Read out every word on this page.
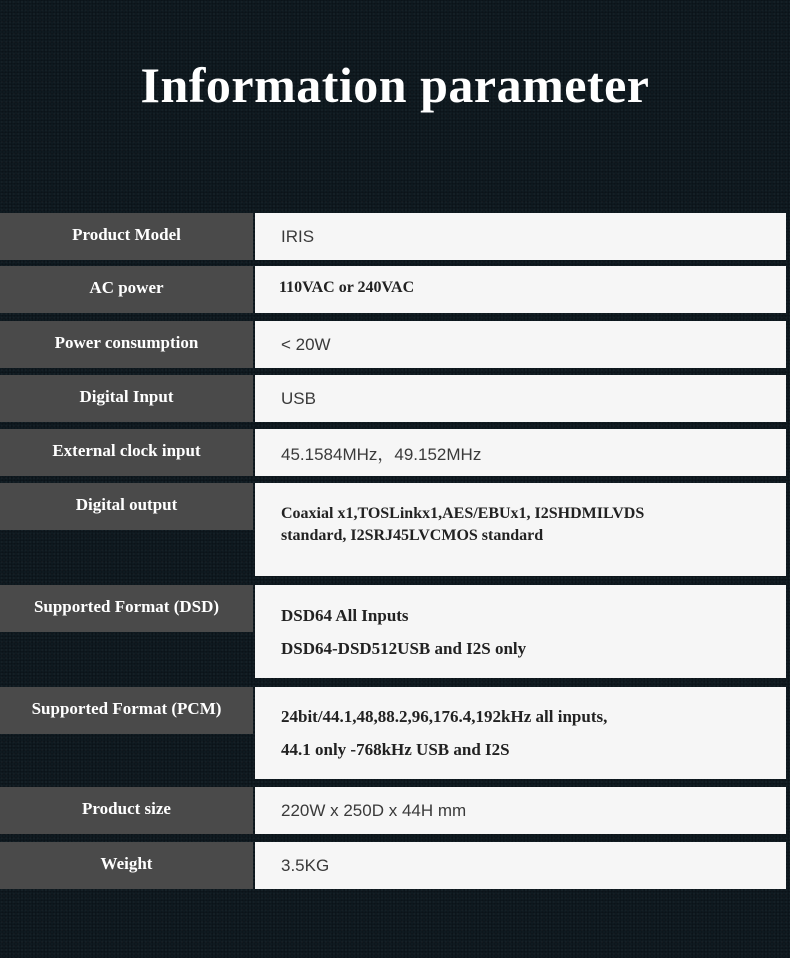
Information parameter
Product Model	IRIS
AC power	110VAC or 240VAC
Power consumption	< 20W
Digital Input	USB
External clock input	45.1584MHz，49.152MHz
Digital output	Coaxial x1,TOSLinkx1,AES/EBUx1, I2SHDMILVDS
standard, I2SRJ45LVCMOS standard
Supported Format (DSD)	DSD64 All Inputs
DSD64-DSD512USB and I2S only
Supported Format (PCM)	24bit/44.1,48,88.2,96,176.4,192kHz all inputs,
44.1 only -768kHz USB and I2S
Product size	220W x 250D x 44H mm
Weight	3.5KG
